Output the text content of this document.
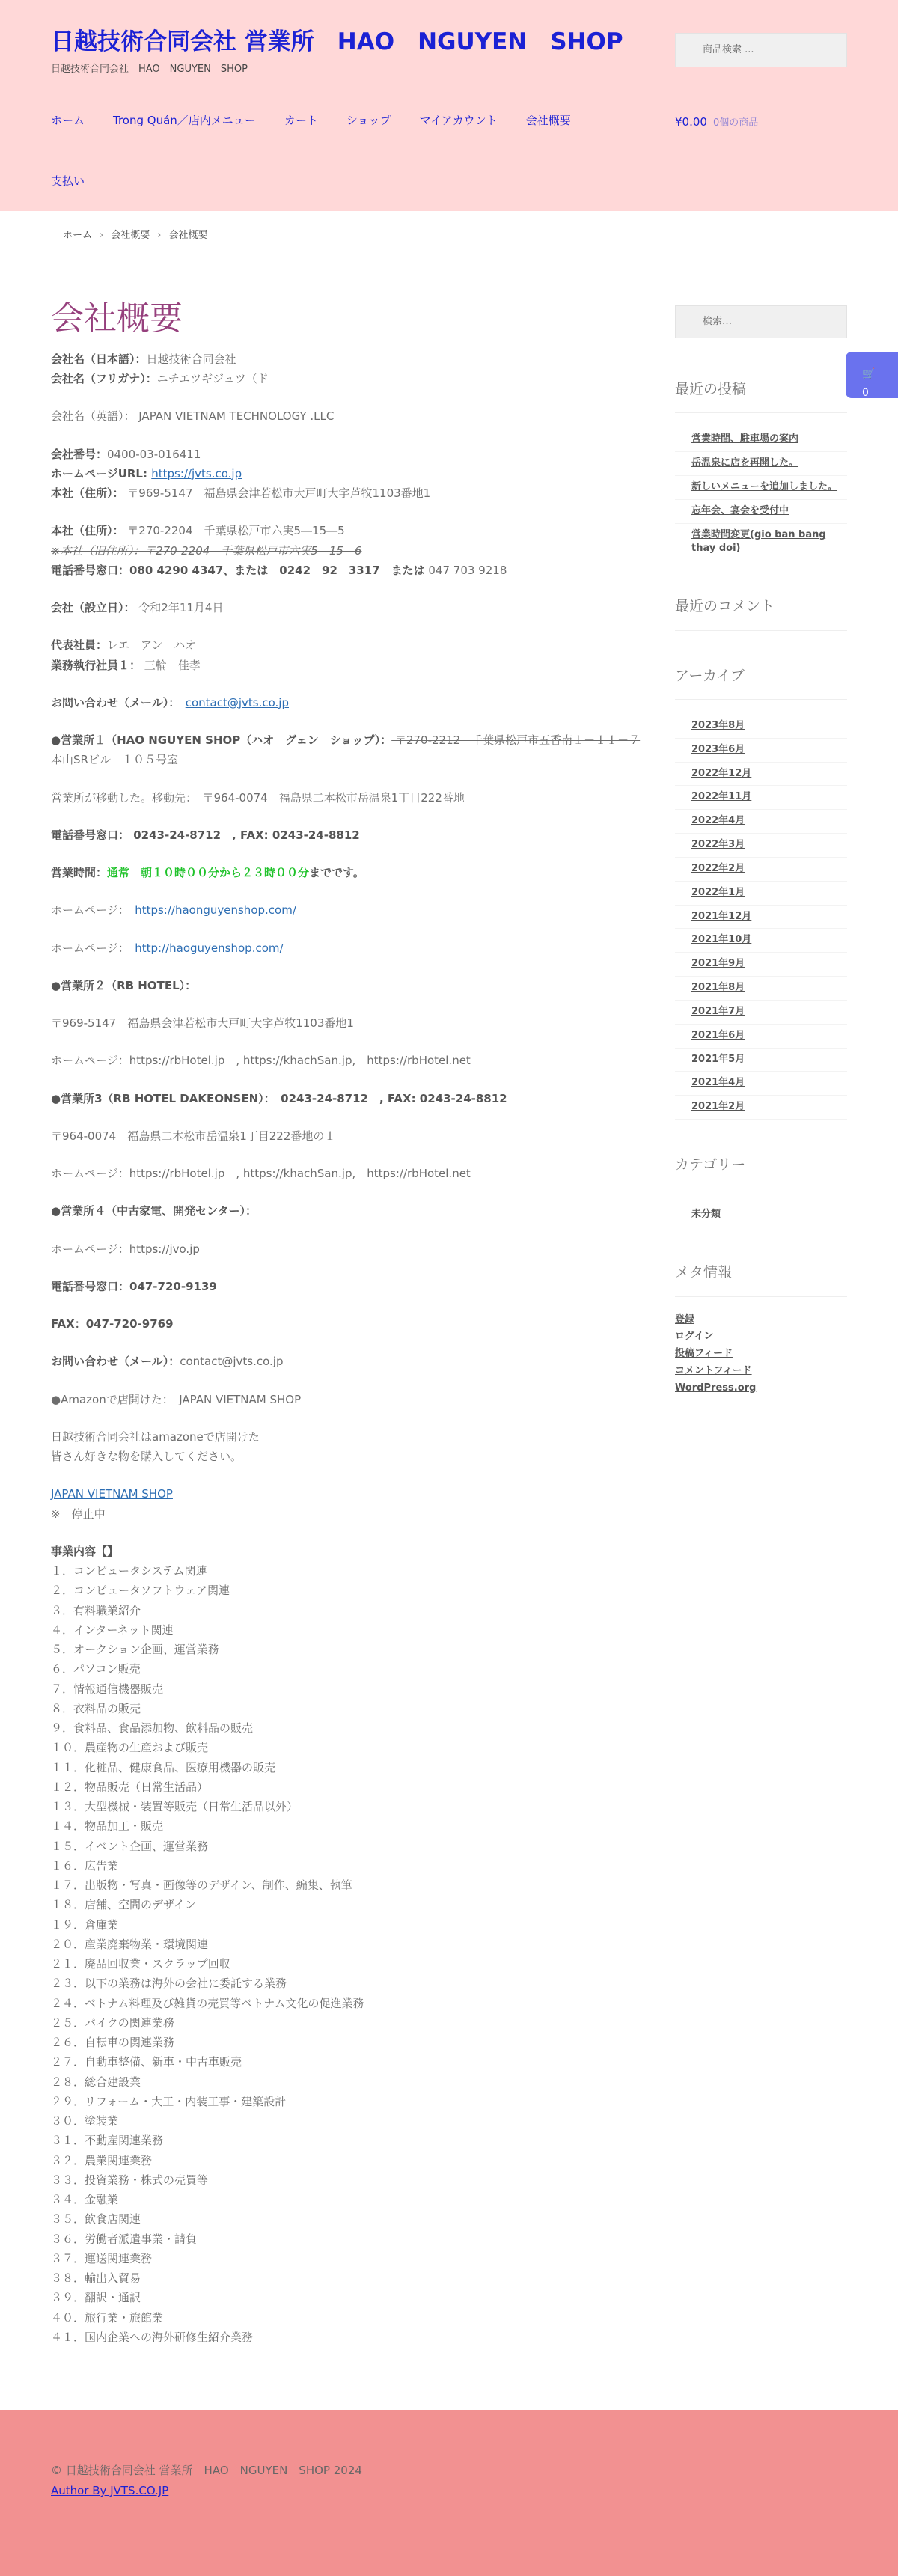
日越技術合同会社 営業所　HAO　NGUYEN　SHOP
日越技術合同会社　HAO　NGUYEN　SHOP
商品検索 ...
ホーム	Trong Quán／店内メニュー	カート	ショップ	マイアカウント	会社概要
支払い
¥0.00 0個の商品
ホーム › 会社概要 › 会社概要
会社概要

会社名（日本語）：日越技術合同会社
会社名（フリガナ）：ニチエツギジュツ（ド

会社名（英語）： JAPAN VIETNAM TECHNOLOGY .LLC

会社番号：0400-03-016411
ホームページURL: https://jvts.co.jp
本社（住所）： 〒969-5147　福島県会津若松市大戸町大字芦牧1103番地1

本社（住所）： 〒270-2204　千葉県松戸市六実5―15―5
※本社（旧住所）：〒270-2204　千葉県松戸市六実5―15―6
電話番号窓口：080 4290 4347、または　0242　92　3317　または 047 703 9218

会社（設立日）： 令和2年11月4日

代表社員：レエ　アン　ハオ
業務執行社員１： 三輪　佳孝

お問い合わせ（メール）：　 contact@jvts.co.jp

●営業所１（HAO NGUYEN SHOP（ハオ　グェン　ショップ）： 〒270-2212　千葉県松戸市五香南１－１１－７本山SRビル　１０５号室

営業所が移動した。移動先：　〒964-0074　福島県二本松市岳温泉1丁目222番地

電話番号窓口： 0243-24-8712　, FAX: 0243-24-8812

営業時間：通常　朝１０時００分から２３時００分までです。

ホームページ：　https://haonguyenshop.com/

ホームページ：　http://haoguyenshop.com/

●営業所２（RB HOTEL）：

〒969-5147　福島県会津若松市大戸町大字芦牧1103番地1

ホームページ：https://rbHotel.jp　, https://khachSan.jp,　https://rbHotel.net

●営業所3（RB HOTEL DAKEONSEN）：　0243-24-8712　, FAX: 0243-24-8812

〒964-0074　福島県二本松市岳温泉1丁目222番地の１

ホームページ：https://rbHotel.jp　, https://khachSan.jp,　https://rbHotel.net

●営業所４（中古家電、開発センター）：

ホームページ：https://jvo.jp

電話番号窓口：047-720-9139

FAX：047-720-9769

お問い合わせ（メール）：contact@jvts.co.jp

●Amazonで店開けた：　JAPAN VIETNAM SHOP

日越技術合同会社はamazoneで店開けた
皆さん好きな物を購入してください。

JAPAN VIETNAM SHOP
※　停止中

事業内容【】

１．コンピュータシステム関連

２．コンピュータソフトウェア関連

３．有料職業紹介

４．インターネット関連

５．オークション企画、運営業務

６．パソコン販売

７．情報通信機器販売

８．衣料品の販売

９．食料品、食品添加物、飲料品の販売

１０．農産物の生産および販売

１１．化粧品、健康食品、医療用機器の販売

１２．物品販売（日常生活品）

１３．大型機械・装置等販売（日常生活品以外）

１４．物品加工・販売

１５．イベント企画、運営業務

１６．広告業

１７．出版物・写真・画像等のデザイン、制作、編集、執筆

１８．店舗、空間のデザイン

１９．倉庫業

２０．産業廃棄物業・環境関連

２１．廃品回収業・スクラップ回収

２３．以下の業務は海外の会社に委託する業務

２４．ベトナム料理及び雑貨の売買等ベトナム文化の促進業務

２５．バイクの関連業務

２６．自転車の関連業務

２７．自動車整備、新車・中古車販売

２８．総合建設業

２９．リフォーム・大工・内装工事・建築設計

３０．塗装業

３１．不動産関連業務

３２．農業関連業務

３３．投資業務・株式の売買等

３４．金融業

３５．飲食店関連

３６．労働者派遣事業・請負

３７．運送関連業務

３８．輸出入貿易

３９．翻訳・通訳

４０．旅行業・旅館業

４１．国内企業への海外研修生紹介業務

🛒 0
検索…
最近の投稿
営業時間、駐車場の案内
岳温泉に店を再開した。
新しいメニューを追加しました。
忘年会、宴会を受付中
営業時間変更(gio ban bang thay doi)
最近のコメント
アーカイブ
2023年8月
2023年6月
2022年12月
2022年11月
2022年4月
2022年3月
2022年2月
2022年1月
2021年12月
2021年10月
2021年9月
2021年8月
2021年7月
2021年6月
2021年5月
2021年4月
2021年2月
カテゴリー
未分類
メタ情報
登録
ログイン
投稿フィード
コメントフィード
WordPress.org
© 日越技術合同会社 営業所　HAO　NGUYEN　SHOP 2024
Author By JVTS.CO.JP
